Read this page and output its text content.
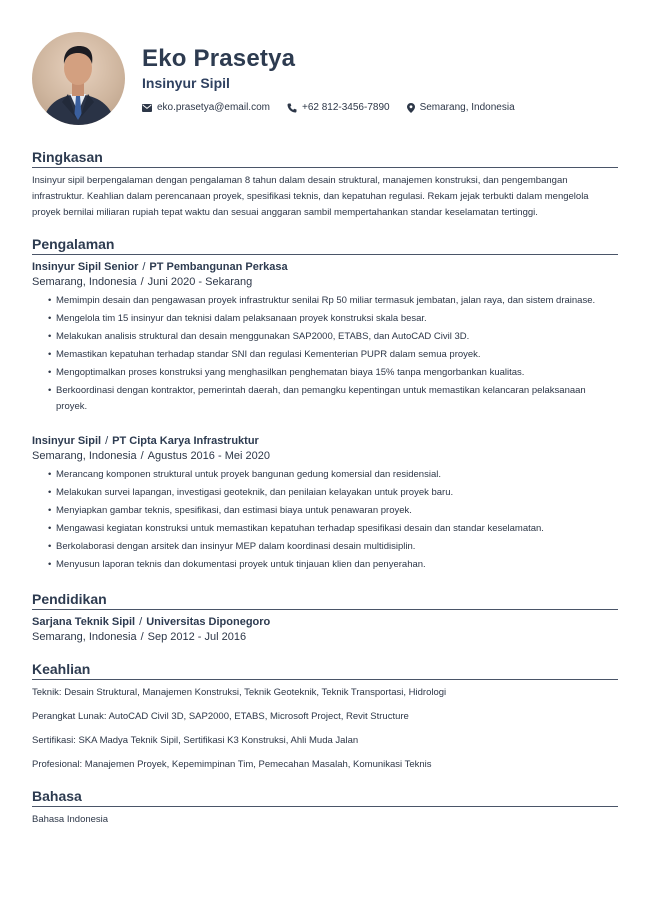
Eko Prasetya
Insinyur Sipil
eko.prasetya@email.com	+62 812-3456-7890	Semarang, Indonesia
Ringkasan

Insinyur sipil berpengalaman dengan pengalaman 8 tahun dalam desain struktural, manajemen konstruksi, dan pengembangan infrastruktur. Keahlian dalam perencanaan proyek, spesifikasi teknis, dan kepatuhan regulasi. Rekam jejak terbukti dalam mengelola proyek bernilai miliaran rupiah tepat waktu dan sesuai anggaran sambil mempertahankan standar keselamatan tertinggi.

Pengalaman
Insinyur Sipil Senior / PT Pembangunan Perkasa
Semarang, Indonesia / Juni 2020 - Sekarang
• Memimpin desain dan pengawasan proyek infrastruktur senilai Rp 50 miliar termasuk jembatan, jalan raya, dan sistem drainase.
• Mengelola tim 15 insinyur dan teknisi dalam pelaksanaan proyek konstruksi skala besar.
• Melakukan analisis struktural dan desain menggunakan SAP2000, ETABS, dan AutoCAD Civil 3D.
• Memastikan kepatuhan terhadap standar SNI dan regulasi Kementerian PUPR dalam semua proyek.
• Mengoptimalkan proses konstruksi yang menghasilkan penghematan biaya 15% tanpa mengorbankan kualitas.
• Berkoordinasi dengan kontraktor, pemerintah daerah, dan pemangku kepentingan untuk memastikan kelancaran pelaksanaan proyek.
Insinyur Sipil / PT Cipta Karya Infrastruktur
Semarang, Indonesia / Agustus 2016 - Mei 2020
• Merancang komponen struktural untuk proyek bangunan gedung komersial dan residensial.
• Melakukan survei lapangan, investigasi geoteknik, dan penilaian kelayakan untuk proyek baru.
• Menyiapkan gambar teknis, spesifikasi, dan estimasi biaya untuk penawaran proyek.
• Mengawasi kegiatan konstruksi untuk memastikan kepatuhan terhadap spesifikasi desain dan standar keselamatan.
• Berkolaborasi dengan arsitek dan insinyur MEP dalam koordinasi desain multidisiplin.
• Menyusun laporan teknis dan dokumentasi proyek untuk tinjauan klien dan penyerahan.
Pendidikan
Sarjana Teknik Sipil / Universitas Diponegoro
Semarang, Indonesia / Sep 2012 - Jul 2016
Keahlian

Teknik: Desain Struktural, Manajemen Konstruksi, Teknik Geoteknik, Teknik Transportasi, Hidrologi

Perangkat Lunak: AutoCAD Civil 3D, SAP2000, ETABS, Microsoft Project, Revit Structure

Sertifikasi: SKA Madya Teknik Sipil, Sertifikasi K3 Konstruksi, Ahli Muda Jalan

Profesional: Manajemen Proyek, Kepemimpinan Tim, Pemecahan Masalah, Komunikasi Teknis

Bahasa

Bahasa Indonesia
